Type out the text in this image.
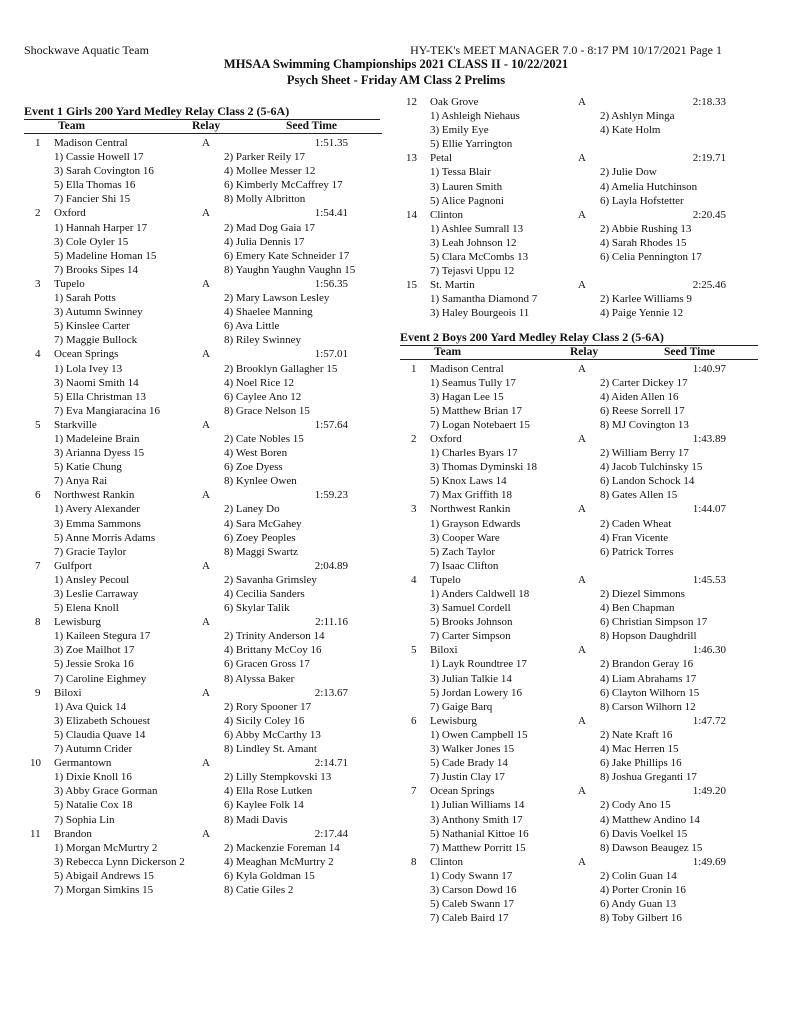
Shockwave Aquatic Team	HY-TEK's MEET MANAGER 7.0 - 8:17 PM 10/17/2021 Page 1
MHSAA Swimming Championships 2021 CLASS II - 10/22/2021
Psych Sheet - Friday AM Class 2 Prelims
Event 1 Girls 200 Yard Medley Relay Class 2 (5-6A)
Team	Relay	Seed Time
1 Madison Central	A	1:51.35
1) Cassie Howell 17	2) Parker Reily 17
3) Sarah Covington 16	4) Mollee Messer 12
5) Ella Thomas 16	6) Kimberly McCaffrey 17
7) Fancier Shi 15	8) Molly Albritton
2 Oxford	A	1:54.41
1) Hannah Harper 17	2) Mad Dog Gaia 17
3) Cole Oyler 15	4) Julia Dennis 17
5) Madeline Homan 15	6) Emery Kate Schneider 17
7) Brooks Sipes 14	8) Yaughn Yaughn Vaughn 15
3 Tupelo	A	1:56.35
1) Sarah Potts	2) Mary Lawson Lesley
3) Autumn Swinney	4) Shaelee Manning
5) Kinslee Carter	6) Ava Little
7) Maggie Bullock	8) Riley Swinney
4 Ocean Springs	A	1:57.01
1) Lola Ivey 13	2) Brooklyn Gallagher 15
3) Naomi Smith 14	4) Noel Rice 12
5) Ella Christman 13	6) Caylee Ano 12
7) Eva Mangiaracina 16	8) Grace Nelson 15
5 Starkville	A	1:57.64
1) Madeleine Brain	2) Cate Nobles 15
3) Arianna Dyess 15	4) West Boren
5) Katie Chung	6) Zoe Dyess
7) Anya Rai	8) Kynlee Owen
6 Northwest Rankin	A	1:59.23
1) Avery Alexander	2) Laney Do
3) Emma Sammons	4) Sara McGahey
5) Anne Morris Adams	6) Zoey Peoples
7) Gracie Taylor	8) Maggi Swartz
7 Gulfport	A	2:04.89
1) Ansley Pecoul	2) Savanha Grimsley
3) Leslie Carraway	4) Cecilia Sanders
5) Elena Knoll	6) Skylar Talik
8 Lewisburg	A	2:11.16
1) Kaileen Stegura 17	2) Trinity Anderson 14
3) Zoe Mailhot 17	4) Brittany McCoy 16
5) Jessie Sroka 16	6) Gracen Gross 17
7) Caroline Eighmey	8) Alyssa Baker
9 Biloxi	A	2:13.67
1) Ava Quick 14	2) Rory Spooner 17
3) Elizabeth Schouest	4) Sicily Coley 16
5) Claudia Quave 14	6) Abby McCarthy 13
7) Autumn Crider	8) Lindley St. Amant
10 Germantown	A	2:14.71
1) Dixie Knoll 16	2) Lilly Stempkovski 13
3) Abby Grace Gorman	4) Ella Rose Lutken
5) Natalie Cox 18	6) Kaylee Folk 14
7) Sophia Lin	8) Madi Davis
11 Brandon	A	2:17.44
1) Morgan McMurtry 2	2) Mackenzie Foreman 14
3) Rebecca Lynn Dickerson 2	4) Meaghan McMurtry 2
5) Abigail Andrews 15	6) Kyla Goldman 15
7) Morgan Simkins 15	8) Catie Giles 2
12 Oak Grove	A	2:18.33
1) Ashleigh Niehaus	2) Ashlyn Minga
3) Emily Eye	4) Kate Holm
5) Ellie Yarrington
13 Petal	A	2:19.71
1) Tessa Blair	2) Julie Dow
3) Lauren Smith	4) Amelia Hutchinson
5) Alice Pagnoni	6) Layla Hofstetter
14 Clinton	A	2:20.45
1) Ashlee Sumrall 13	2) Abbie Rushing 13
3) Leah Johnson 12	4) Sarah Rhodes 15
5) Clara McCombs 13	6) Celia Pennington 17
7) Tejasvi Uppu 12
15 St. Martin	A	2:25.46
1) Samantha Diamond 7	2) Karlee Williams 9
3) Haley Bourgeois 11	4) Paige Yennie 12
Event 2 Boys 200 Yard Medley Relay Class 2 (5-6A)
Team	Relay	Seed Time
1 Madison Central	A	1:40.97
1) Seamus Tully 17	2) Carter Dickey 17
3) Hagan Lee 15	4) Aiden Allen 16
5) Matthew Brian 17	6) Reese Sorrell 17
7) Logan Notebaert 15	8) MJ Covington 13
2 Oxford	A	1:43.89
1) Charles Byars 17	2) William Berry 17
3) Thomas Dyminski 18	4) Jacob Tulchinsky 15
5) Knox Laws 14	6) Landon Schock 14
7) Max Griffith 18	8) Gates Allen 15
3 Northwest Rankin	A	1:44.07
1) Grayson Edwards	2) Caden Wheat
3) Cooper Ware	4) Fran Vicente
5) Zach Taylor	6) Patrick Torres
7) Isaac Clifton
4 Tupelo	A	1:45.53
1) Anders Caldwell 18	2) Diezel Simmons
3) Samuel Cordell	4) Ben Chapman
5) Brooks Johnson	6) Christian Simpson 17
7) Carter Simpson	8) Hopson Daughdrill
5 Biloxi	A	1:46.30
1) Layk Roundtree 17	2) Brandon Geray 16
3) Julian Talkie 14	4) Liam Abrahams 17
5) Jordan Lowery 16	6) Clayton Wilhorn 15
7) Gaige Barq	8) Carson Wilhorn 12
6 Lewisburg	A	1:47.72
1) Owen Campbell 15	2) Nate Kraft 16
3) Walker Jones 15	4) Mac Herren 15
5) Cade Brady 14	6) Jake Phillips 16
7) Justin Clay 17	8) Joshua Greganti 17
7 Ocean Springs	A	1:49.20
1) Julian Williams 14	2) Cody Ano 15
3) Anthony Smith 17	4) Matthew Andino 14
5) Nathanial Kittoe 16	6) Davis Voelkel 15
7) Matthew Porritt 15	8) Dawson Beaugez 15
8 Clinton	A	1:49.69
1) Cody Swann 17	2) Colin Guan 14
3) Carson Dowd 16	4) Porter Cronin 16
5) Caleb Swann 17	6) Andy Guan 13
7) Caleb Baird 17	8) Toby Gilbert 16
